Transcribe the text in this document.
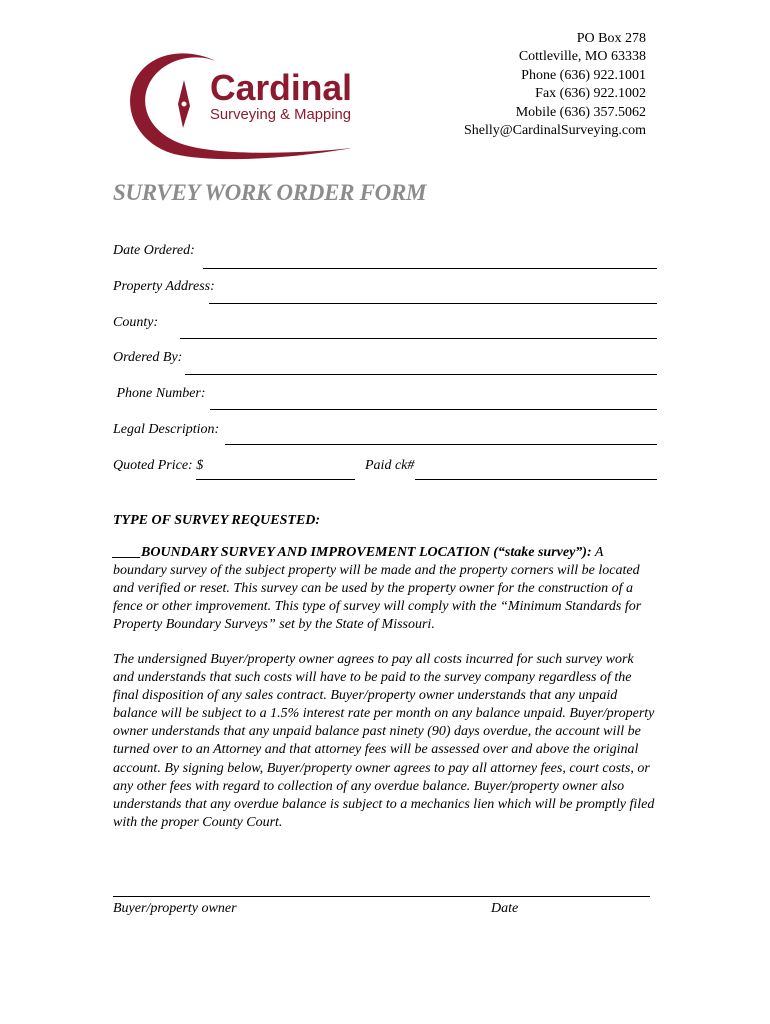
Cardinal
Surveying & Mapping
PO Box 278
Cottleville, MO 63338
Phone (636) 922.1001
Fax (636) 922.1002
Mobile (636) 357.5062
Shelly@CardinalSurveying.com
SURVEY WORK ORDER FORM
Date Ordered:
Property Address:
County:
Ordered By:
Phone Number:
Legal Description:
Quoted Price: $	Paid ck#
TYPE OF SURVEY REQUESTED:
____BOUNDARY SURVEY AND IMPROVEMENT LOCATION (“stake survey”): A boundary survey of the subject property will be made and the property corners will be located and verified or reset. This survey can be used by the property owner for the construction of a fence or other improvement. This type of survey will comply with the “Minimum Standards for Property Boundary Surveys” set by the State of Missouri.
The undersigned Buyer/property owner agrees to pay all costs incurred for such survey work and understands that such costs will have to be paid to the survey company regardless of the final disposition of any sales contract. Buyer/property owner understands that any unpaid balance will be subject to a 1.5% interest rate per month on any balance unpaid. Buyer/property owner understands that any unpaid balance past ninety (90) days overdue, the account will be turned over to an Attorney and that attorney fees will be assessed over and above the original account. By signing below, Buyer/property owner agrees to pay all attorney fees, court costs, or any other fees with regard to collection of any overdue balance. Buyer/property owner also understands that any overdue balance is subject to a mechanics lien which will be promptly filed with the proper County Court.
Buyer/property owner	Date
